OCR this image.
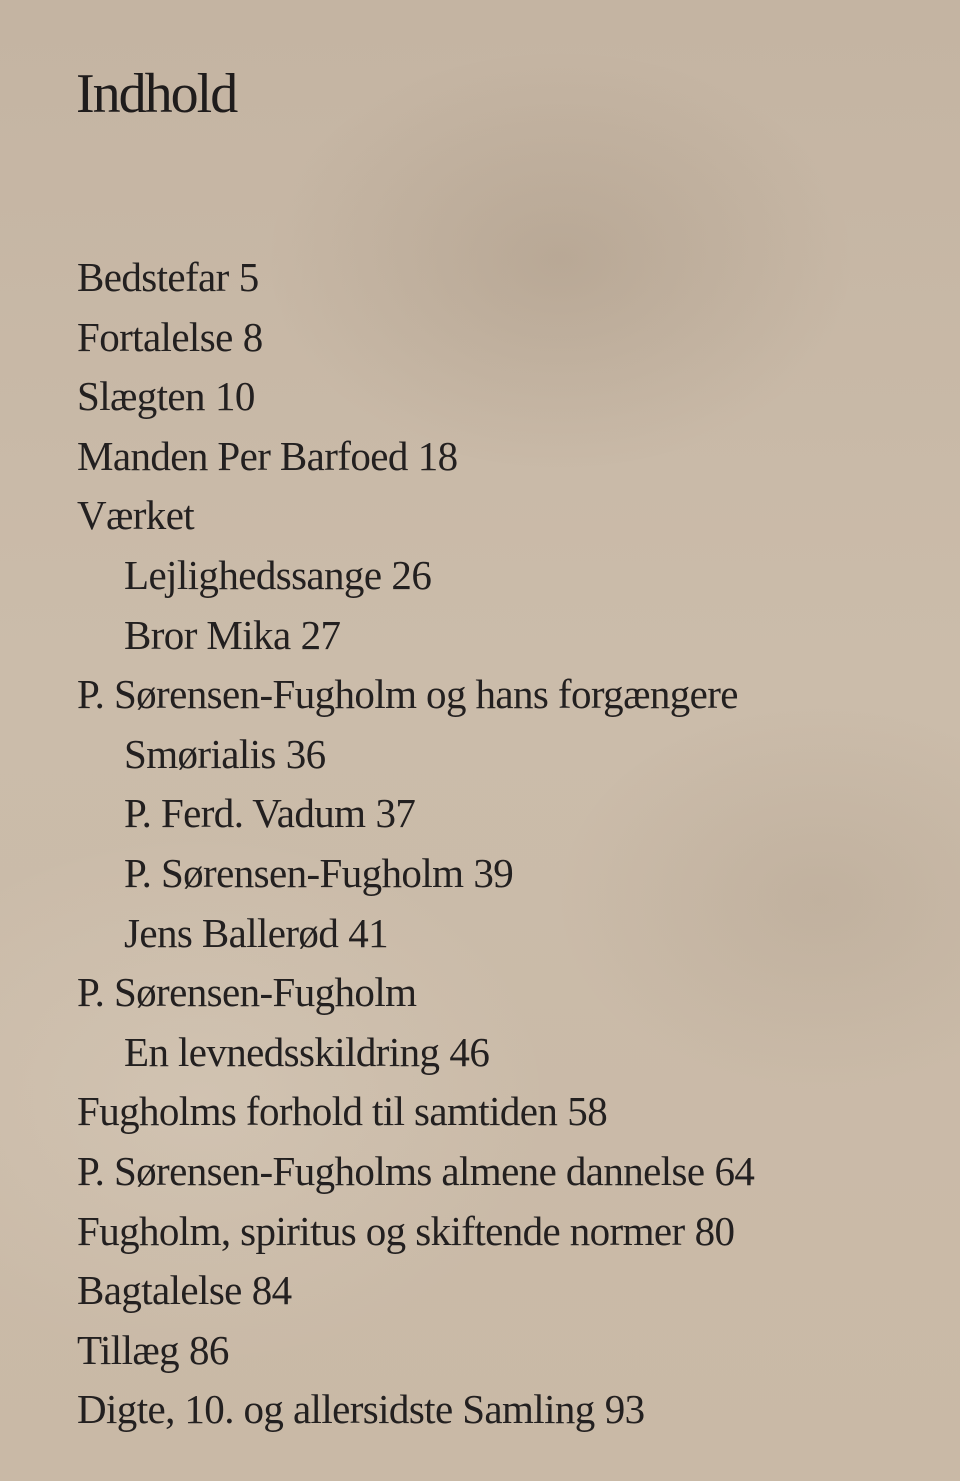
Indhold
Bedstefar 5
Fortalelse 8
Slægten 10
Manden Per Barfoed 18
Værket
Lejlighedssange 26
Bror Mika 27
P. Sørensen-Fugholm og hans forgængere
Smørialis 36
P. Ferd. Vadum 37
P. Sørensen-Fugholm 39
Jens Ballerød 41
P. Sørensen-Fugholm
En levnedsskildring 46
Fugholms forhold til samtiden 58
P. Sørensen-Fugholms almene dannelse 64
Fugholm, spiritus og skiftende normer 80
Bagtalelse 84
Tillæg 86
Digte, 10. og allersidste Samling 93
